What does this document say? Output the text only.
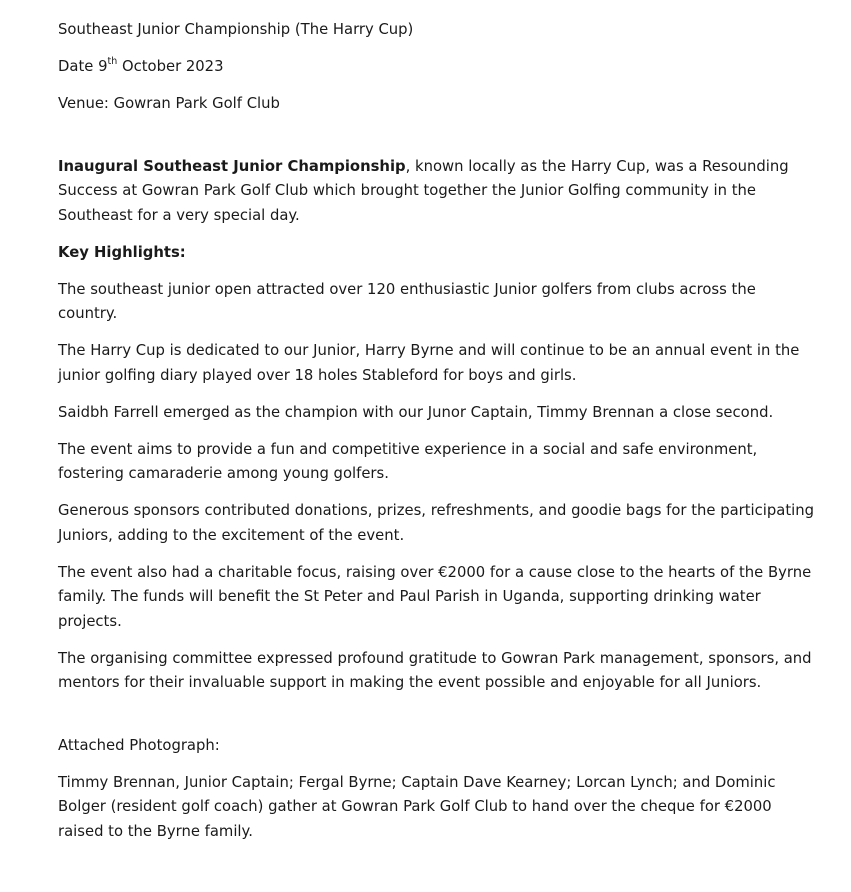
Southeast Junior Championship (The Harry Cup)

Date 9th October 2023

Venue: Gowran Park Golf Club

Inaugural Southeast Junior Championship, known locally as the Harry Cup, was a Resounding Success at Gowran Park Golf Club which brought together the Junior Golfing community in the Southeast for a very special day.

Key Highlights:

The southeast junior open attracted over 120 enthusiastic Junior golfers from clubs across the country.

The Harry Cup is dedicated to our Junior, Harry Byrne and will continue to be an annual event in the junior golfing diary played over 18 holes Stableford for boys and girls.

Saidbh Farrell emerged as the champion with our Junor Captain, Timmy Brennan a close second.

The event aims to provide a fun and competitive experience in a social and safe environment, fostering camaraderie among young golfers.

Generous sponsors contributed donations, prizes, refreshments, and goodie bags for the participating Juniors, adding to the excitement of the event.

The event also had a charitable focus, raising over €2000 for a cause close to the hearts of the Byrne family. The funds will benefit the St Peter and Paul Parish in Uganda, supporting drinking water projects.

The organising committee expressed profound gratitude to Gowran Park management, sponsors, and mentors for their invaluable support in making the event possible and enjoyable for all Juniors.

Attached Photograph:

Timmy Brennan, Junior Captain; Fergal Byrne; Captain Dave Kearney; Lorcan Lynch; and Dominic Bolger (resident golf coach) gather at Gowran Park Golf Club to hand over the cheque for €2000 raised to the Byrne family.
